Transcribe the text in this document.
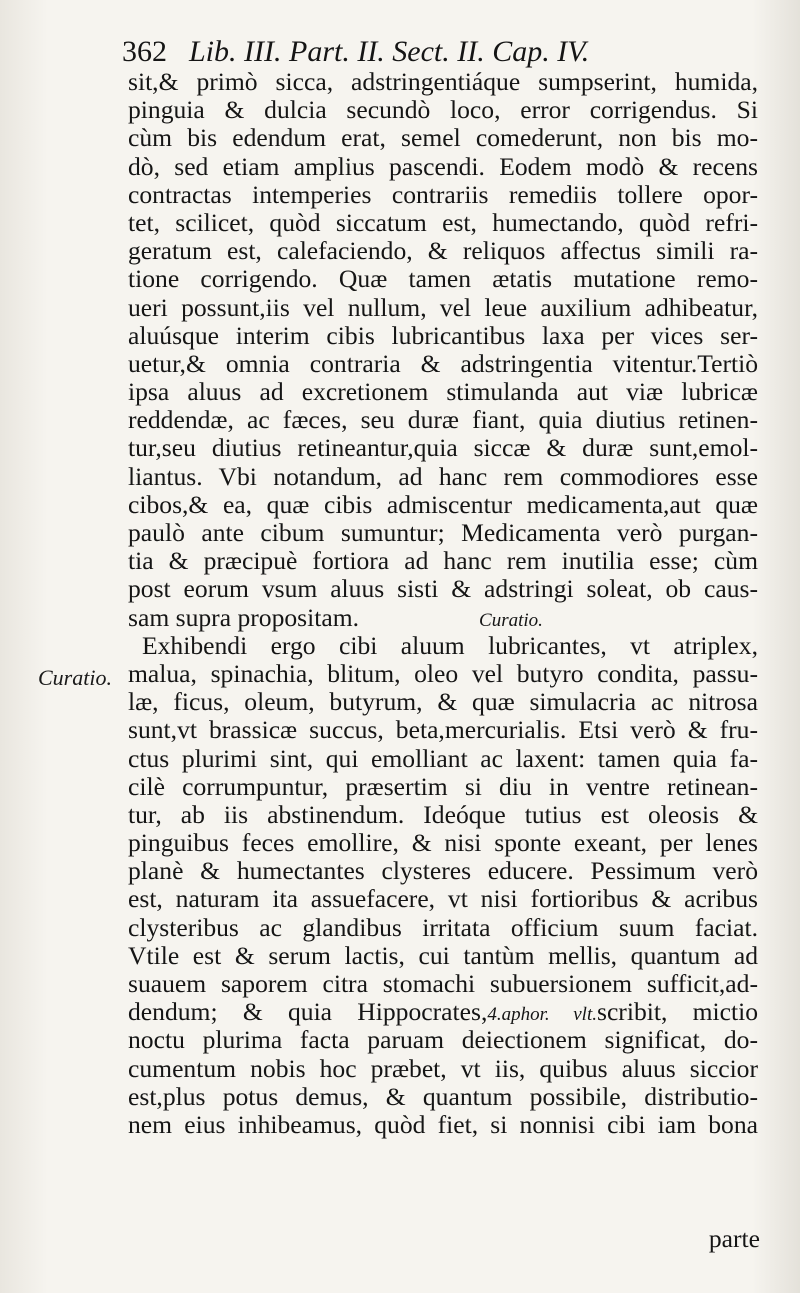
362 Lib. III. Part. II. Sect. II. Cap. IV.
sit,& primò sicca, adstringentiáque sumpserint, humida,
pinguia & dulcia secundò loco, error corrigendus. Si
cùm bis edendum erat, semel comederunt, non bis mo-
dò, sed etiam amplius pascendi. Eodem modò & recens
contractas intemperies contrariis remediis tollere opor-
tet, scilicet, quòd siccatum est, humectando, quòd refri-
geratum est, calefaciendo, & reliquos affectus simili ra-
tione corrigendo. Quæ tamen ætatis mutatione remo-
ueri possunt,iis vel nullum, vel leue auxilium adhibeatur,
aluúsque interim cibis lubricantibus laxa per vices ser-
uetur,& omnia contraria & adstringentia vitentur.Tertiò
ipsa aluus ad excretionem stimulanda aut viæ lubricæ
reddendæ, ac fæces, seu duræ fiant, quia diutius retinen-
tur,seu diutius retineantur,quia siccæ & duræ sunt,emol-
liantus. Vbi notandum, ad hanc rem commodiores esse
cibos,& ea, quæ cibis admiscentur medicamenta,aut quæ
paulò ante cibum sumuntur; Medicamenta verò purgan-
tia & præcipuè fortiora ad hanc rem inutilia esse; cùm
post eorum vsum aluus sisti & adstringi soleat, ob caus-
sam supra propositam.	Curatio.
Exhibendi ergo cibi aluum lubricantes, vt atriplex,
malua, spinachia, blitum, oleo vel butyro condita, passu-
læ, ficus, oleum, butyrum, & quæ simulacria ac nitrosa
sunt,vt brassicæ succus, beta,mercurialis. Etsi verò & fru-
ctus plurimi sint, qui emolliant ac laxent: tamen quia fa-
cilè corrumpuntur, præsertim si diu in ventre retinean-
tur, ab iis abstinendum. Ideóque tutius est oleosis &
pinguibus feces emollire, & nisi sponte exeant, per lenes
planè & humectantes clysteres educere. Pessimum verò
est, naturam ita assuefacere, vt nisi fortioribus & acribus
clysteribus ac glandibus irritata officium suum faciat.
Vtile est & serum lactis, cui tantùm mellis, quantum ad
suauem saporem citra stomachi subuersionem sufficit,ad-
dendum; & quia Hippocrates,4.aphor. vlt.scribit, mictio
noctu plurima facta paruam deiectionem significat, do-
cumentum nobis hoc præbet, vt iis, quibus aluus siccior
est,plus potus demus, & quantum possibile, distributio-
nem eius inhibeamus, quòd fiet, si nonnisi cibi iam bona
Curatio.
parte
